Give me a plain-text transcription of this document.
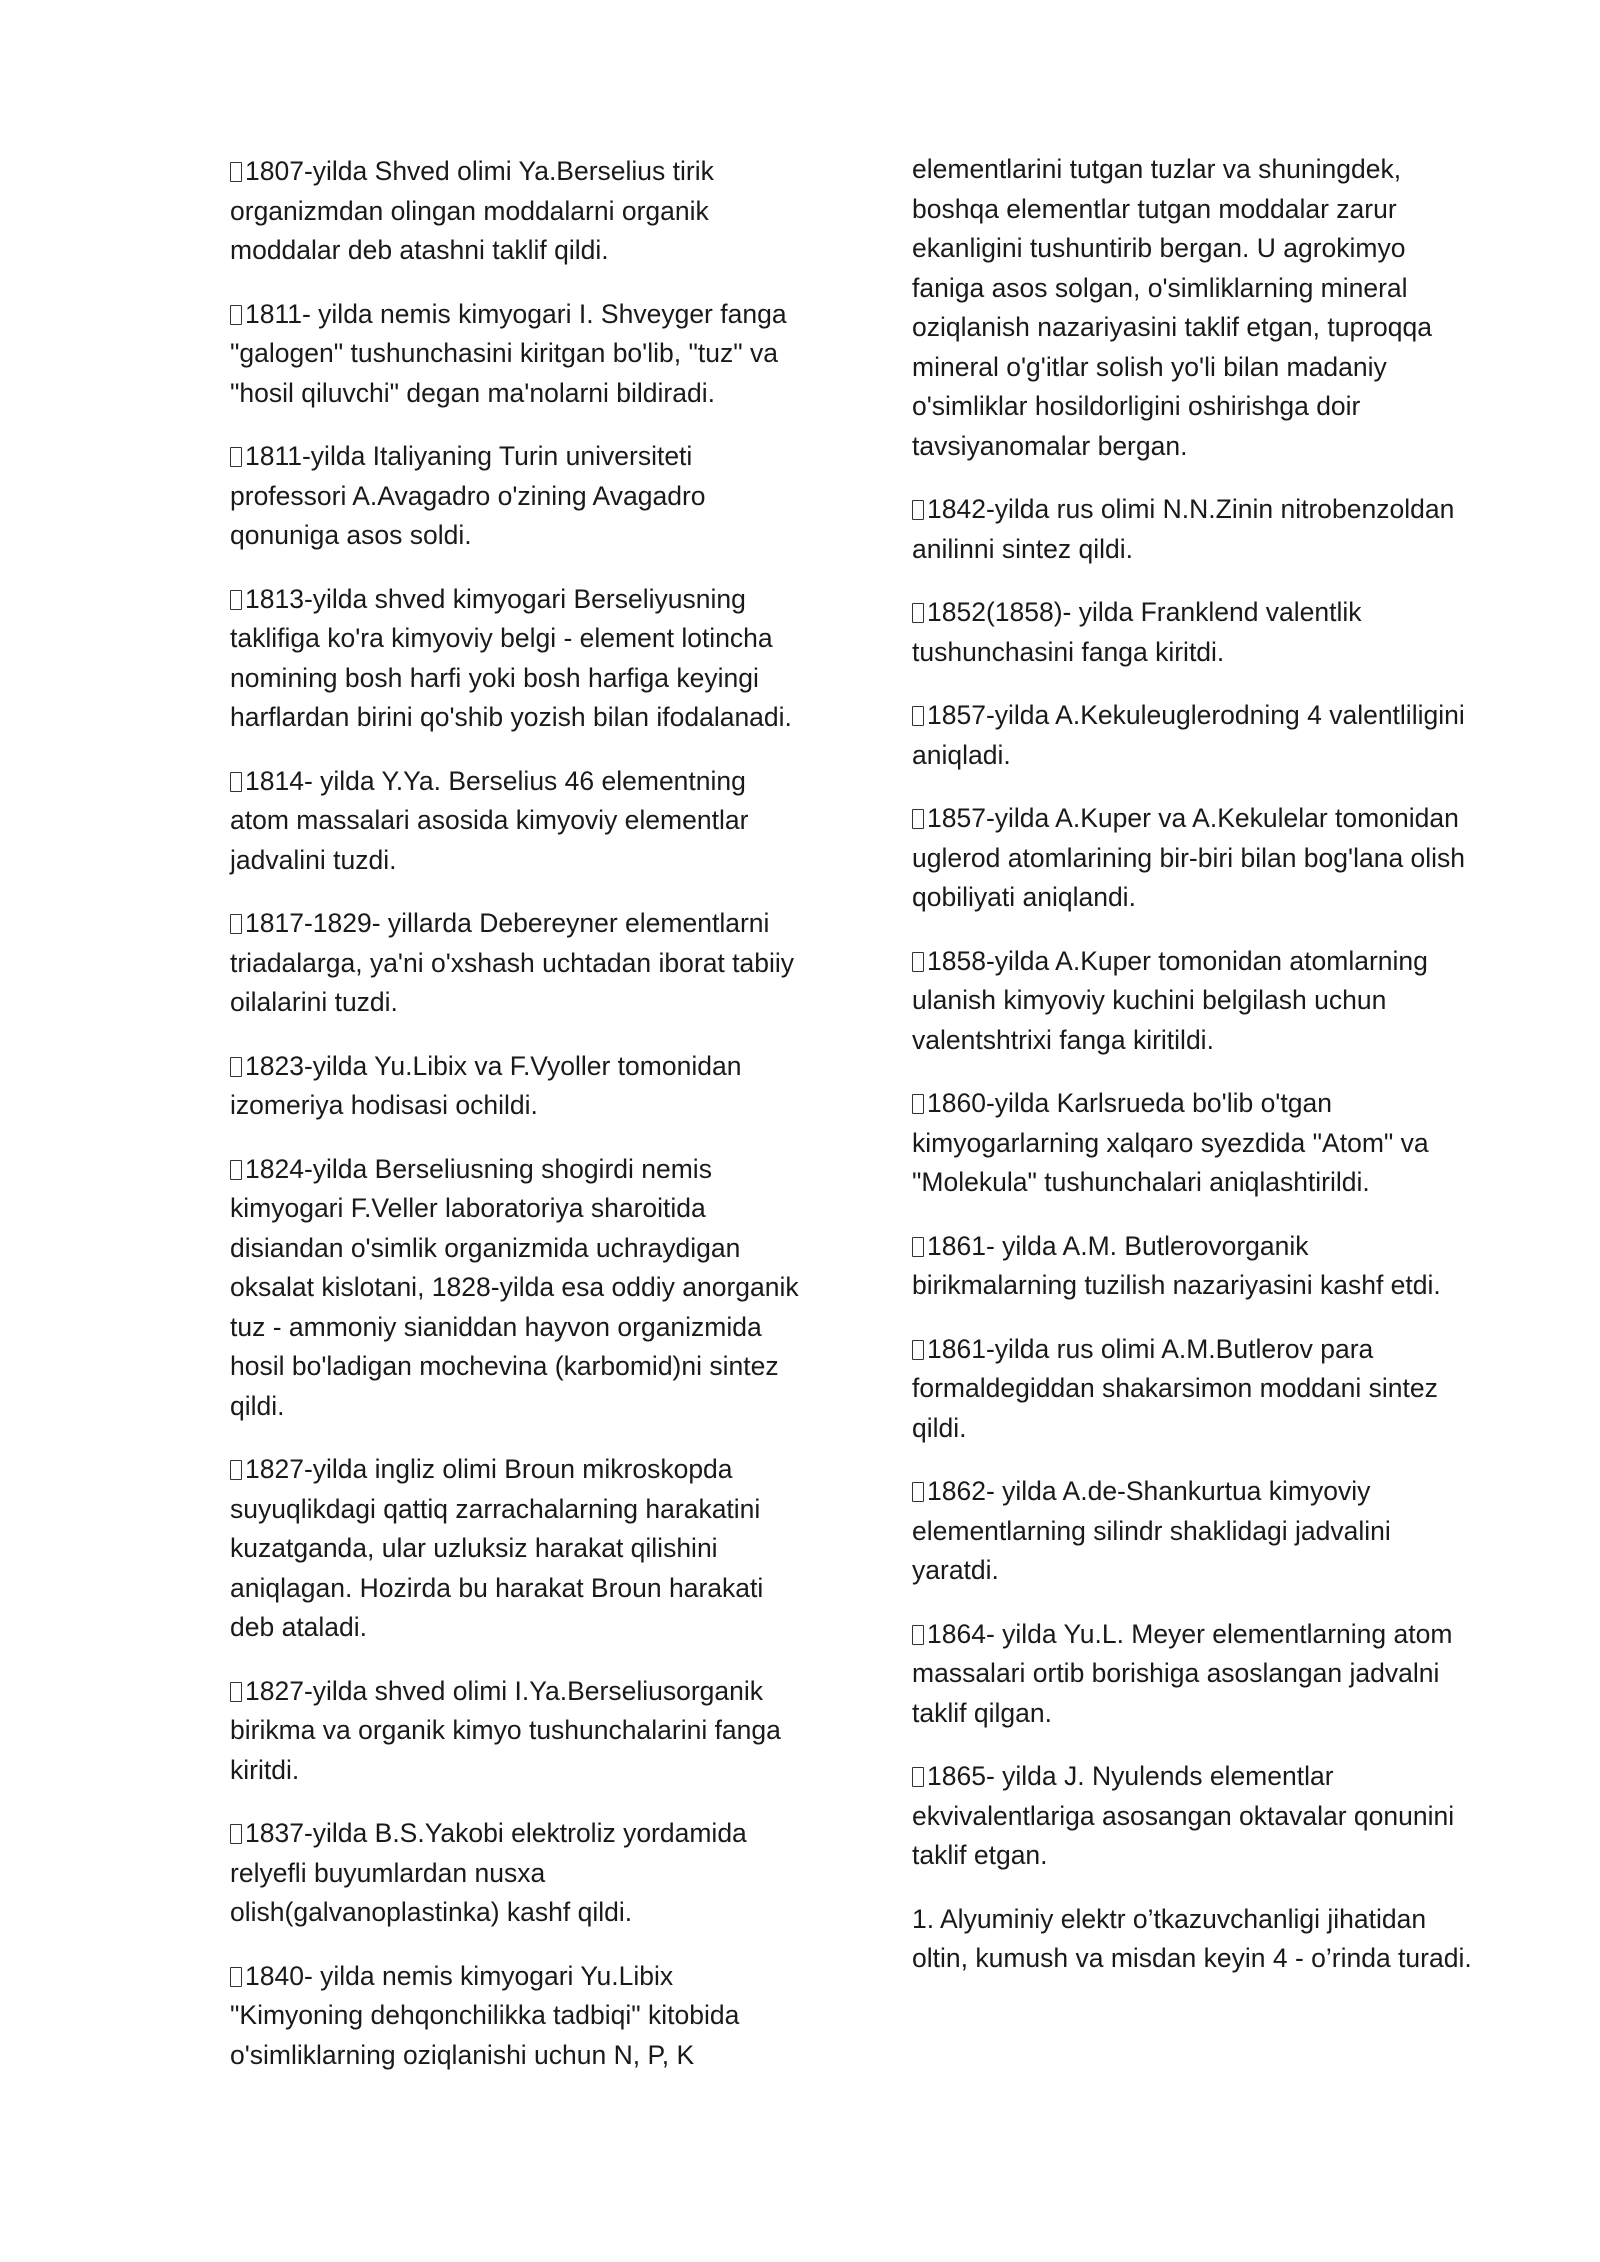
1807-yilda Shved olimi Ya.Berselius tirik
organizmdan olingan moddalarni organik
moddalar deb atashni taklif qildi.
1811- yilda nemis kimyogari I. Shveyger fanga
"galogen" tushunchasini kiritgan bo'lib, "tuz" va
"hosil qiluvchi" degan ma'nolarni bildiradi.
1811-yilda Italiyaning Turin universiteti
professori A.Avagadro o'zining Avagadro
qonuniga asos soldi.
1813-yilda shved kimyogari Berseliyusning
taklifiga ko'ra kimyoviy belgi - element lotincha
nomining bosh harfi yoki bosh harfiga keyingi
harflardan birini qo'shib yozish bilan ifodalanadi.
1814- yilda Y.Ya. Berselius 46 elementning
atom massalari asosida kimyoviy elementlar
jadvalini tuzdi.
1817-1829- yillarda Debereyner elementlarni
triadalarga, ya'ni o'xshash uchtadan iborat tabiiy
oilalarini tuzdi.
1823-yilda Yu.Libix va F.Vyoller tomonidan
izomeriya hodisasi ochildi.
1824-yilda Berseliusning shogirdi nemis
kimyogari F.Veller laboratoriya sharoitida
disiandan o'simlik organizmida uchraydigan
oksalat kislotani, 1828-yilda esa oddiy anorganik
tuz - ammoniy sianiddan hayvon organizmida
hosil bo'ladigan mochevina (karbomid)ni sintez
qildi.
1827-yilda ingliz olimi Broun mikroskopda
suyuqlikdagi qattiq zarrachalarning harakatini
kuzatganda, ular uzluksiz harakat qilishini
aniqlagan. Hozirda bu harakat Broun harakati
deb ataladi.
1827-yilda shved olimi I.Ya.Berseliusorganik
birikma va organik kimyo tushunchalarini fanga
kiritdi.
1837-yilda B.S.Yakobi elektroliz yordamida
relyefli buyumlardan nusxa
olish(galvanoplastinka) kashf qildi.
1840- yilda nemis kimyogari Yu.Libix
"Kimyoning dehqonchilikka tadbiqi" kitobida
o'simliklarning oziqlanishi uchun N, P, K
elementlarini tutgan tuzlar va shuningdek,
boshqa elementlar tutgan moddalar zarur
ekanligini tushuntirib bergan. U agrokimyo
faniga asos solgan, o'simliklarning mineral
oziqlanish nazariyasini taklif etgan, tuproqqa
mineral o'g'itlar solish yo'li bilan madaniy
o'simliklar hosildorligini oshirishga doir
tavsiyanomalar bergan.
1842-yilda rus olimi N.N.Zinin nitrobenzoldan
anilinni sintez qildi.
1852(1858)- yilda Franklend valentlik
tushunchasini fanga kiritdi.
1857-yilda A.Kekuleuglerodning 4 valentliligini
aniqladi.
1857-yilda A.Kuper va A.Kekulelar tomonidan
uglerod atomlarining bir-biri bilan bog'lana olish
qobiliyati aniqlandi.
1858-yilda A.Kuper tomonidan atomlarning
ulanish kimyoviy kuchini belgilash uchun
valentshtrixi fanga kiritildi.
1860-yilda Karlsrueda bo'lib o'tgan
kimyogarlarning xalqaro syezdida "Atom" va
"Molekula" tushunchalari aniqlashtirildi.
1861- yilda A.M. Butlerovorganik
birikmalarning tuzilish nazariyasini kashf etdi.
1861-yilda rus olimi A.M.Butlerov para
formaldegiddan shakarsimon moddani sintez
qildi.
1862- yilda A.de-Shankurtua kimyoviy
elementlarning silindr shaklidagi jadvalini
yaratdi.
1864- yilda Yu.L. Meyer elementlarning atom
massalari ortib borishiga asoslangan jadvalni
taklif qilgan.
1865- yilda J. Nyulends elementlar
ekvivalentlariga asosangan oktavalar qonunini
taklif etgan.
1. Alyuminiy elektr o’tkazuvchanligi jihatidan
oltin, kumush va misdan keyin 4 - o’rinda turadi.
